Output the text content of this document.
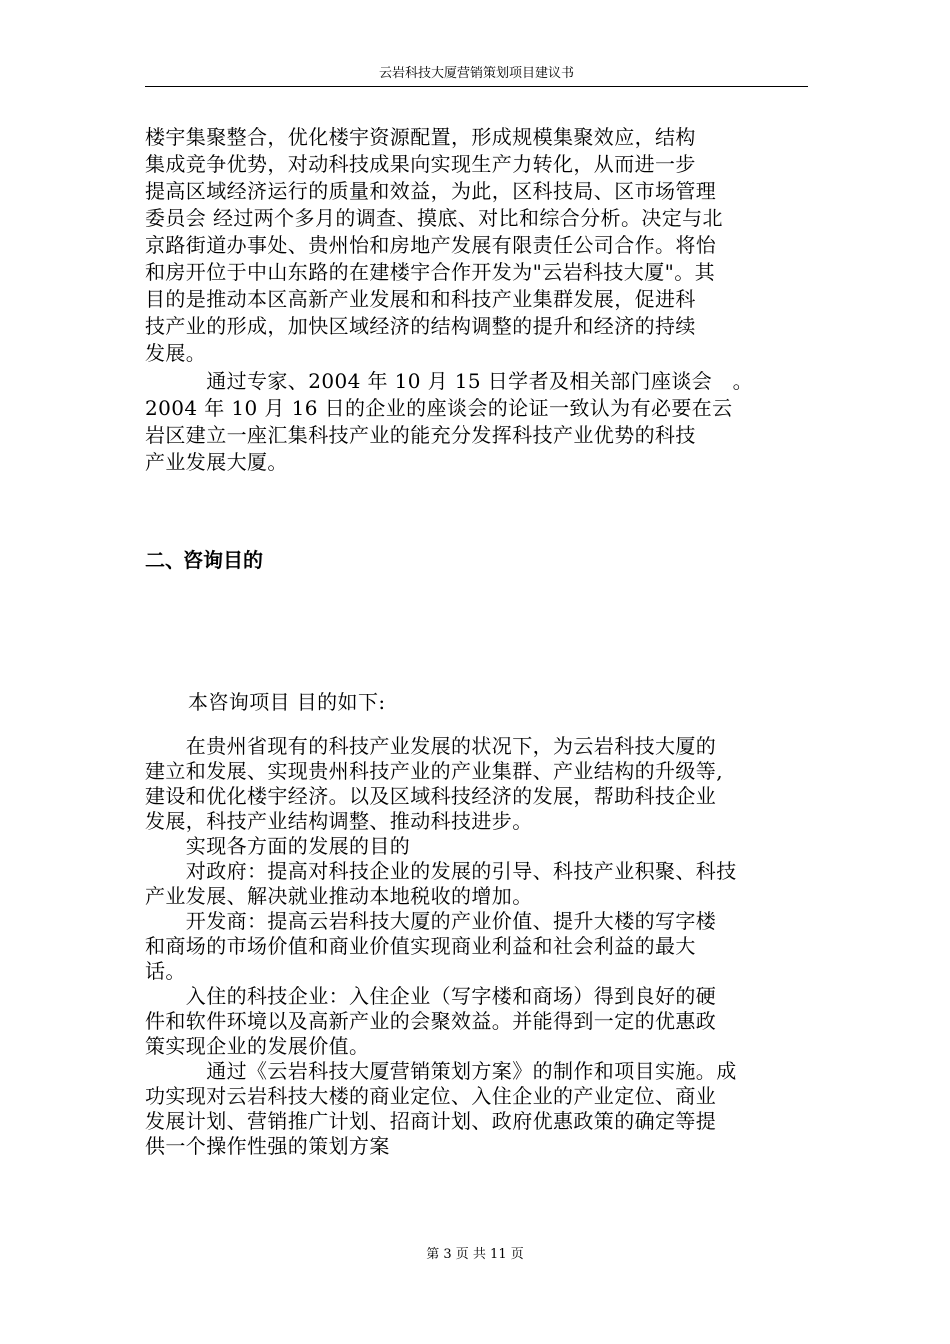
云岩科技大厦营销策划项目建议书
楼宇集聚整合，优化楼宇资源配置，形成规模集聚效应，结构
集成竞争优势，对动科技成果向实现生产力转化，从而进一步
提高区域经济运行的质量和效益，为此，区科技局、区市场管理
委员会 经过两个多月的调查、摸底、对比和综合分析。决定与北
京路街道办事处、贵州怡和房地产发展有限责任公司合作。将怡
和房开位于中山东路的在建楼宇合作开发为"云岩科技大厦"。其
目的是推动本区高新产业发展和和科技产业集群发展，促进科
技产业的形成，加快区域经济的结构调整的提升和经济的持续
发展。
　　　通过专家、2004 年 10 月 15 日学者及相关部门座谈会　。
2004 年 10 月 16 日的企业的座谈会的论证一致认为有必要在云
岩区建立一座汇集科技产业的能充分发挥科技产业优势的科技
产业发展大厦。
二、咨询目的
本咨询项目 目的如下:
　　在贵州省现有的科技产业发展的状况下，为云岩科技大厦的
建立和发展、实现贵州科技产业的产业集群、产业结构的升级等,
建设和优化楼宇经济。以及区域科技经济的发展，帮助科技企业
发展，科技产业结构调整、推动科技进步。
　　实现各方面的发展的目的
　　对政府：提高对科技企业的发展的引导、科技产业积聚、科技
产业发展、解决就业推动本地税收的增加。
　　开发商：提高云岩科技大厦的产业价值、提升大楼的写字楼
和商场的市场价值和商业价值实现商业利益和社会利益的最大
话。
　　入住的科技企业：入住企业（写字楼和商场）得到良好的硬
件和软件环境以及高新产业的会聚效益。并能得到一定的优惠政
策实现企业的发展价值。
　　　通过《云岩科技大厦营销策划方案》的制作和项目实施。成
功实现对云岩科技大楼的商业定位、入住企业的产业定位、商业
发展计划、营销推广计划、招商计划、政府优惠政策的确定等提
供一个操作性强的策划方案
第 3 页 共 11 页
